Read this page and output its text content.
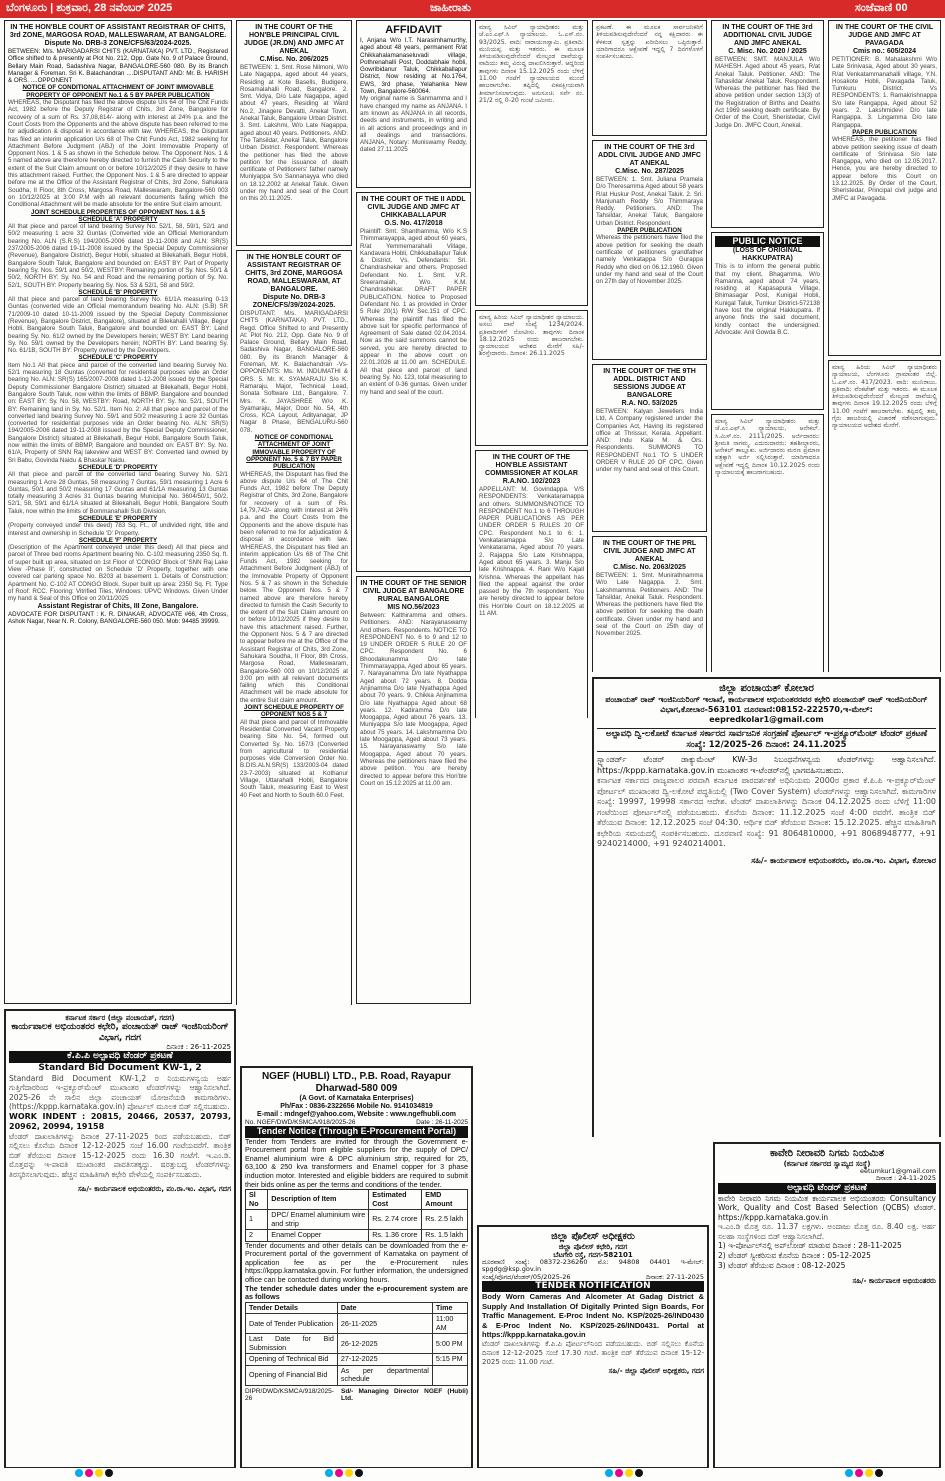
ಬೆಂಗಳೂರು | ಶುಕ್ರವಾರ, 28 ನವೆಂಬರ್ 2025	ಜಾಹೀರಾತು	ಸಂಜೆವಾಣಿ 00
IN THE HON'BLE COURT OF ASSISTANT REGISTRAR OF CHITS, 3rd ZONE, MARGOSA ROAD, MALLESWARAM, AT BANGALORE.
Dispute No. DRB-3 ZONE/CFS/63/2024-2025.
BETWEEN: M/s. MARIGADARSI CHITS (KARNATAKA) PVT. LTD., Registered Office shifted to & presently at Plot No. 212, Opp. Gate No. 9 of Palace Ground, Bellary Main Road, Sadashiva Nagar, BANGALORE-560 080. By its Branch Manager & Foreman. Sri K. Balachandran ....DISPUTANT AND: Mr. B. HARISH & ORS. ....OPPONENT
NOTICE OF CONDITIONAL ATTACHMENT OF JOINT IMMOVABLE PROPERTY OF OPPONENT No.1 & 5 BY PAPER PUBLICATION
WHEREAS, the Disputant has filed the above dispute U/s 64 of The Chit Funds Act, 1982 before the Deputy Registrar of Chits, 3rd Zone, Bangalore for recovery of a sum of Rs. 37,08,814/- along with interest at 24% p.a. and the Court Costs from the Opponents and the above dispute has been referred to me for adjudication & disposal in accordance with law. WHEREAS, the Disputant has filed an interim application U/s 68 of The Chit Funds Act, 1982 seeking for Attachment Before Judgment (ABJ) of the Joint Immovable Property of Opponent Nos. 1 & 5 as shown in the Schedule below. The Opponent Nos. 1 & 5 named above are therefore hereby directed to furnish the Cash Security to the extent of the Suit Claim amount on or before 10/12/2025 if they desire to have this attachment raised. Further, the Opponent Nos. 1 & 5 are directed to appear before me at the Office of the Assistant Registrar of Chits, 3rd Zone, Sahukara Soudha, II Floor, 8th Cross, Margosa Road, Malleswaram, Bangalore-560 003 on 10/12/2025 at 3:00 P.M with all relevant documents failing which the Conditional Attachment will be made absolute for the entire Suit claim amount.
JOINT SCHEDULE PROPERTIES OF OPPONENT Nos. 1 & 5
SCHEDULE 'A' PROPERTY
All that piece and parcel of land bearing Survey No. 52/1, 58, 59/1, 52/1 and 50/2 measuring 1 acre 32 Guntas (Converted vide an Official Memorandum bearing No. ALN (S.R.S) 194/2005-2006 dated 19-11-2008 and ALN: SR(S) 237/2005-2006 dated 19-11-2008 issued by the Special Deputy Commissioner (Revenue), Bangalore District), Begur Hobli, situated at Bilekahalli, Begur Hobli, Bangalore South Taluk, Bangalore and bounded on: EAST BY: Part of Property bearing Sy. Nos. 59/1 and 50/2, WESTBY: Remaining portion of Sy. Nos. 50/1 & 50/2, NORTH BY: Sy. No. 54 and Road and the remaining portion of Sy. No. 52/1, SOUTH BY: Property bearing Sy. Nos. 53 & 52/1, 58 and 59/2.
SCHEDULE 'B' PROPERTY
All that piece and parcel of land bearing Survey No. 61/1A measuring 0-13 Guntas (converted vide an Official memorandum bearing No. ALN: (S.B) SR 71/2009-10 dated 10-11-2009 issued by the Special Deputy Commissioner (Revenue), Bangalore District, Bangalore), situated at Bilekahalli Village, Begur Hobli, Bangalore South Taluk, Bangalore and bounded on: EAST BY: Land bearing Sy. No. 61/2 owned by the Developers herein; WEST BY: Land bearing Sy. No. 59/1 owned by the Developers herein; NORTH BY: Land bearing Sy. No. 61/1B, SOUTH BY: Property owned by the Developers.
SCHEDULE 'C' PROPERTY
Item No.1 All that piece and parcel of the converted land bearing Survey No. 52/1 measuring 18 Guntas (converted for residential purposes vide an Order bearing No. ALN: SR(S) 165/2007-2008 dated 1-12-2008 issued by the Special Deputy Commissioner Bangalore District) situated at Bilekahalli, Begur Hobli, Bangalore South Taluk, now within the limits of BBMP, Bangalore and bounded on: EAST BY: Sy. No. 58, WESTBY: Road, NORTH BY: Sy. No. 52/1, SOUTH BY: Remaining land in Sy. No. 52/1. Item No. 2: All that piece and parcel of the converted land bearing Survey No. 59/1 and 50/2 measuring 1 acre 32 Guntas (converted for residential purposes vide an Order bearing No. ALN: SR(S) 194/2005-2006 dated 19-11-2008 issued by the Special Deputy Commissioner, Bangalore District) situated at Bilekahalli, Begur Hobli, Bangalore South Taluk, now within the limits of BBMP, Bangalore and bounded on: EAST BY: Sy. No. 61/A, Property of SNN Raj lakeview and WEST BY: Converted land owned by Sri Babu, Govinda Naidu & Bhaskar Naidu.
SCHEDULE 'D' PROPERTY
All that piece and parcel of the converted land bearing Survey No. 52/1 measuring 1 Acre 28 Guntas, 58 measuring 7 Guntas, 59/1 measuring 1 Acre 6 Guntas, 50/1 and 50/2 measuring 17 Guntas and 61/1A measuring 13 Guntas totally measuring 3 Acres 31 Guntas bearing Municipal No. 3604/50/1, 50/2, 52/1, 58, 59/1 and 61/1A situated at Bilekahalli, Begur Hobli, Bangalore South Taluk, now within the limits of Bommanahalli Sub Division.
SCHEDULE 'E' PROPERTY
(Property conveyed under this deed) 783 Sq. Ft., of undivided right, title and interest and ownership in Schedule 'D' Property.
SCHEDULE 'F' PROPERTY
(Description of the Apartment conveyed under this deed) All that piece and parcel of Three bed rooms Apartment bearing No. C-102 measuring 2350 Sq. ft. of super built up area, situated on 1st Floor of 'CONGO' Block of 'SNN Raj Lake View -Phase II', constructed on Schedule 'D' Property, together with one covered car parking space No. B203 at basement 1. Details of Construction: Apartment No. C-102 AT CONGO Block. Super built up area: 2350 Sq. Ft. Type of Roof: RCC. Flooring: Vitrified Tiles, Windows: UPVC Windows. Given Under my hand & Seal of this Office on 20/11/2025
Assistant Registrar of Chits, III Zone, Bangalore.
ADVOCATE FOR DISPUTANT : K. R. DINAKAR, ADVOCATE #66, 4th Cross, Ashok Nagar, Near N. R. Colony, BANGALORE-560 050. Mob: 94485 39999.
IN THE COURT OF THE HON'BLE PRINCIPAL CIVIL JUDGE (JR.DN) AND JMFC AT ANEKAL
C.Misc. No. 206/2025
BETWEEN: 1. Smt. Rose Nilmoni, W/o Late Nagappa, aged about 44 years, Residing at Kote Basells, Budigere, Rosamalahalli Road, Bangalore. 2. Smt. Vidya, D/o Late Nagappa, aged about 47 years, Residing at Ward No.2, Jinagere Devatti, Anekal Town, Anekal Taluk, Bangalore Urban District. 3. Smt. Lakshmi, W/o Late Nagappa, aged about 40 years. Petitioners. AND: The Tahsildar, Anekal Taluk, Bangalore Urban District. Respondent. Whereas the petitioner has filed the above petition for the issuance of death certificate of Petitioners' father namely Muniyappa S/o Sannanayya who died on 18.12.2002 at Anekal Taluk. Given under my hand and seal of the Court on this 20.11.2025.
IN THE HON'BLE COURT OF ASSISTANT REGISTRAR OF CHITS, 3rd ZONE, MARGOSA ROAD, MALLESWARAM, AT BANGALORE.
Dispute No. DRB-3 ZONE/CFS/39/2024-2025.
DISPUTANT: M/s. MARIGADARSI CHITS (KARNATAKA) PVT. LTD., Regd. Office Shifted to and Presently At: Plot No. 212, Opp. Gate No. 9 of Palace Ground, Bellary Main Road, Sadashiva Nagar, BANGALORE-560 080. By its Branch Manager & Foreman, Mr. K. Balachandran -Vs- OPPONENTS: Ms. M. INDUMATHI & ORS. 5. Mr. K. SYAMARAJU S/o K. Ramaraju, Major, Technical Lead, Sonata Software Ltd., Bangalore. 7. Mrs. K. JAYASHREE W/o K. Syamaraju, Major, Door No. 54, 4th Cross, KCA Layout, Adityanagar, JP Nagar 8 Phase, BENGALURU-560 078.
NOTICE OF CONDITIONAL ATTACHMENT OF JOINT IMMOVABLE PROPERTY OF OPPONENT No. 5 & 7 BY PAPER PUBLICATION
WHEREAS, the Disputant has filed the above dispute U/s 64 of The Chit Funds Act, 1982 before The Deputy Registrar of Chits, 3rd Zone, Bangalore for recovery of a sum of Rs. 14,79,742/- along with interest at 24% p.a. and the Court Costs from the Opponents and the above dispute has been referred to me for adjudication & disposal in accordance with law. WHEREAS, the Disputant has filed an interim application U/s 68 of The Chit Funds Act, 1982 seeking for Attachment Before Judgment (ABJ) of the Immovable Property of Opponent Nos. 5 & 7 as shown in the Schedule below. The Opponent Nos. 5 & 7 named above are therefore hereby directed to furnish the Cash Security to the extent of the Suit Claim amount on or before 10/12/2025 if they desire to have this attachment raised. Further, the Opponent Nos. 5 & 7 are directed to appear before me at the Office of the Assistant Registrar of Chits, 3rd Zone, Sahukara Soudha, II Floor, 8th Cross, Margosa Road, Malleswaram, Bangalore-560 003 on 10/12/2025 at 3:00 pm with all relevant documents failing which this Conditional Attachment will be made absolute for the entire Suit claim amount.
JOINT SCHEDULE PROPERTY OF OPPONENT NOS 5 & 7
All that piece and parcel of Immovable Residential Converted Vacant Property bearing Site No. 54, formed out Converted Sy. No. 167/3 (Converted from agricultural to residential purposes vide Conversion Order No. B.DIS.ALN.SR(S) 133/2003-04 dated 23-7-2003) situated at Kothanur Village, Uttarahalli Hobli, Bangalore South Taluk, measuring East to West 40 Feet and North to South 60.0 Feet.
AFFIDAVIT
I, Anjana W/o I.T. Narasimhamurthy, aged about 48 years, permanent R/at Chikkahalamanaseluvadi village, Pothrenahalli Post, Doddabhaie hobli, Gowribidanur Taluk, Chikkaballapur District, Now residing at No.1764, EWS, 3rd phase, Yelahanka New Town, Bangalore-560064.
My original name is Sanmamma and I have changed my name as ANJANA. I am known as ANJANA in all records, deeds and instruments, in writing and in all actions and proceedings and in all dealings and transactions. ANJANA, Notary: Muniswamy Reddy, dated 27.11.2025
IN THE COURT OF THE II ADDL CIVIL JUDGE AND JMFC AT CHIKKABALLAPUR
O.S. No. 417/2018
Plaintiff: Smt. Shanthamma, W/o K.S Thimmarayappa, aged about 60 years, R/at Yemmemarahalli Village, Kandavara Hobli, Chikkaballapur Taluk & District. Vs. Defendants: Sri. Chandrashekar and others. Proposed Defendant No. 1. Smt. V.R. Sreeramaiah, W/o. K.M. Chandrashekar. DRAFT PAPER PUBLICATION. Notice to Proposed Defendant No. 1 as provided in Order 5 Rule 20(1) R/W Sec.151 of CPC. Whereas the plaintiff has filed the above suit for specific performance of Agreement of Sale dated 02.04.2014. Now as the said summons cannot be served, you are hereby directed to appear in the above court on 22.01.2026 at 11.00 am. SCHEDULE. All that piece and parcel of land bearing Sy. No. 123, total measuring to an extent of 0-36 guntas. Given under my hand and seal of the court.
IN THE COURT OF THE SENIOR CIVIL JUDGE AT BANGALORE RURAL BANGALORE
MIS NO.56/2023
Between: Kalthiramma and others. Petitioners. AND: Narayanaswamy And others. Respondents. NOTICE TO RESPONDENT No. 6 to 9 and 12 to 19 UNDER ORDER 5 RULE 20 OF CPC. Respondent No. 6 Bhoodakunamma D/o late Thimmarayappa, Aged about 65 years. 7. Narayanamma D/o late Nyathappa Aged about 72 years. 8. Dodda Anjinamma D/o late Nyathappa Aged about 70 years. 9. Chikka Anjinamma D/o late Nyathappa Aged about 68 years. 12. Kadiramma D/o late Moogappa, Aged about 76 years. 13. Muniyappa S/o late Moogappa, Aged about 75 years. 14. Lakshmamma D/o late Moogappa, Aged about 73 years. 15. Narayanaswamy S/o late Moogappa, Aged about 70 years. Whereas the petitioners have filed the above petition. You are hereby directed to appear before this Hon'ble Court on 15.12.2025 at 11.00 am.
ಮಾನ್ಯ ಸಿವಿಲ್ ನ್ಯಾಯಾಧೀಶರು ಮತ್ತು ಜೆ.ಎಂ.ಎಫ್.ಸಿ ನ್ಯಾಯಾಲಯ. ಓ.ಎಸ್.ನಂ. 93/2025. ವಾದಿ: ನಾರಾಯಣಸ್ವಾಮಿ. ಪ್ರತಿವಾದಿ: ಮುನಿಯಪ್ಪ ಮತ್ತು ಇತರರು. ಈ ಮೂಲಕ ತಿಳಿಯಪಡಿಸುವುದೇನೆಂದರೆ ಮೇಲ್ಕಂಡ ದಾವೆಯನ್ನು ವಾದಿಯು ತಮ್ಮ ವಿರುದ್ಧ ದಾಖಲಿಸಿರುತ್ತಾರೆ. ಆದ್ದರಿಂದ ತಾವುಗಳು ದಿನಾಂಕ 15.12.2025 ರಂದು ಬೆಳಿಗ್ಗೆ 11.00 ಗಂಟೆಗೆ ನ್ಯಾಯಾಲಯದ ಮುಂದೆ ಹಾಜರಾಗಬೇಕು. ತಪ್ಪಿದಲ್ಲಿ ಏಕಪಕ್ಷೀಯವಾಗಿ ತೀರ್ಮಾನಿಸಲಾಗುವುದು. ಅನುಸೂಚಿ: ಸರ್ವೆ ನಂ. 21/2 ರಲ್ಲಿ 0-20 ಗುಂಟೆ ಜಮೀನು.
ಮಾನ್ಯ ಹಿರಿಯ ಸಿವಿಲ್ ನ್ಯಾಯಾಧೀಶರ ನ್ಯಾಯಾಲಯ. ಅಸಲು ದಾವೆ ಸಂಖ್ಯೆ 1234/2024. ಪ್ರತಿವಾದಿಗಳಿಗೆ ನೋಟೀಸು. ತಾವುಗಳು ದಿನಾಂಕ 18.12.2025 ರಂದು ಹಾಜರಾಗಬೇಕು. ನ್ಯಾಯಾಲಯದ ಆದೇಶದ ಮೇರೆಗೆ ಸಹಿ/- ಶಿರಸ್ತೇದಾರರು. ದಿನಾಂಕ: 26.11.2025
IN THE COURT OF THE HON'BLE ASSISTANT COMMISSIONER AT KOLAR
R.A.NO. 102/2023
APPELLANT: M. Govindappa. V/S RESPONDENTS: Venkataramappa and others. SUMMONS/NOTICE TO RESPONDENT No.1 to 6 THROUGH PAPER PUBLICATIONS AS PER UNDER ORDER 5 RULES 20 OF CPC. Respondent No.1 to 6: 1. Venkataramappa S/o Late Venkatarama, Aged about 70 years. 2. Rajappa S/o Late Krishnappa, Aged about 65 years. 3. Manju S/o late Krishnappa. 4. Rani W/o Kajall Krishna. Whereas the appellant has filed the appeal against the order passed by the 7th respondent. You are hereby directed to appear before this Hon'ble Court on 18.12.2025 at 11 AM.
ಪ್ರಕಟಣೆ. ಈ ಮೂಲಕ ಸಾರ್ವಜನಿಕರಿಗೆ ತಿಳಿಯಪಡಿಸುವುದೇನೆಂದರೆ ನನ್ನ ಕಕ್ಷಿದಾರರು ಈ ಕೆಳಕಂಡ ಸ್ವತ್ತನ್ನು ಖರೀದಿಸಲು ಒಪ್ಪಿರುತ್ತಾರೆ. ಯಾರಿಗಾದರೂ ಆಕ್ಷೇಪಣೆ ಇದ್ದಲ್ಲಿ 7 ದಿನಗಳೊಳಗೆ ಸಂಪರ್ಕಿಸಬಹುದು.
IN THE COURT OF THE 3rd ADDL CIVIL JUDGE AND JMFC AT ANEKAL
C.Misc. No. 287/2025
BETWEEN: 1. Smt. Juliana Pramela D/o Theresamma Aged about 58 years R/at Huskur Post, Anekal Taluk. 2. Sri. Manjunath Reddy S/o Thimmaraya Reddy. Petitioners. AND: The Tahsildar, Anekal Taluk, Bangalore Urban District. Respondent.
PAPER PUBLICATION
Whereas the petitioners have filed the above petition for seeking the death certificate of petitioners grandfather namely Venkatappa S/o Gurappa Reddy who died on 06.12.1960. Given under my hand and seal of the Court on 27th day of November 2025.
IN THE COURT OF THE 9TH ADDL. DISTRICT AND SESSIONS JUDGE AT BANGALORE
R.A. NO. 53/2025
BETWEEN: Kalyan Jewellers India Ltd, A Company registered under the Companies Act, Having its registered office at Thrissur, Kerala. Appellant. AND: Indu Kala M. & Ors. Respondents. SUMMONS TO RESPONDENT No.1 TO 5 UNDER ORDER V RULE 20 OF CPC. Given under my hand and seal of this Court.
IN THE COURT OF THE PRL CIVIL JUDGE AND JMFC AT ANEKAL
C.Misc. No. 2063/2025
BETWEEN: 1. Smt. Munirathnamma W/o Late Nagappa. 2. Smt. Lakshmamma. Petitioners. AND: The Tahsildar, Anekal Taluk. Respondent. Whereas the petitioners have filed the above petition for seeking the death certificate. Given under my hand and seal of the Court on 25th day of November 2025.
IN THE COURT OF THE 3rd ADDITIONAL CIVIL JUDGE AND JMFC ANEKAL
C. Misc. No. 2020 / 2025
BETWEEN: SMT. MANJULA W/o MAHESH. Aged about 45 years, R/at Anekal Taluk. Petitioner. AND: The Tahasildar Anekal Taluk. Respondent. Whereas the petitioner has filed the above petition under section 13(3) of the Registration of Births and Deaths Act 1969 seeking death certificate. By Order of the Court, Sheristedar, Civil Judge Dn. JMFC Court, Anekal.
PUBLIC NOTICE
(LOSS OF ORIGINAL HAKKUPATRA)
This is to inform the general public that my client, Bhagamma, W/o Ramanna, aged about 74 years, residing at Kapasapura Village, Bhimasagar Post, Kunigal Hobli, Kunigal Taluk, Tumkur District-572138 have lost the original Hakkupatra. If anyone finds the said document, kindly contact the undersigned. Advocate: Anil Gowda B.C.
ಮಾನ್ಯ ಸಿವಿಲ್ ನ್ಯಾಯಾಧೀಶರು ಮತ್ತು ಜೆ.ಎಂ.ಎಫ್.ಸಿ ನ್ಯಾಯಾಲಯ, ಆನೇಕಲ್. ಸಿ.ಮಿಸ್.ನಂ. 2111/2025. ಅರ್ಜಿದಾರರು: ಶ್ರೀಮತಿ ನಾಗಮ್ಮ. ಎದುರುದಾರರು: ತಹಶೀಲ್ದಾರರು, ಆನೇಕಲ್ ತಾಲ್ಲೂಕು. ಅರ್ಜಿದಾರರು ಮರಣ ಪ್ರಮಾಣ ಪತ್ರಕ್ಕಾಗಿ ಅರ್ಜಿ ಸಲ್ಲಿಸಿರುತ್ತಾರೆ. ಯಾರಿಗಾದರೂ ಆಕ್ಷೇಪಣೆ ಇದ್ದಲ್ಲಿ ದಿನಾಂಕ 10.12.2025 ರಂದು ನ್ಯಾಯಾಲಯಕ್ಕೆ ಹಾಜರಾಗಬಹುದು.
IN THE COURT OF THE CIVIL JUDGE AND JMFC AT PAVAGADA
Cmis no.: 605/2024
PETITIONER: B. Mahalakshmi W/o Late Srinivasa, Aged about 30 years, R/at Venkatammanahalli village, Y.N. Hosakote Hobli, Pavagada Taluk, Tumkuru District. Vs RESPONDENTS: 1. Ramakrishnappa S/o late Rangappa, Aged about 52 years. 2. Lakshmidevi D/o late Rangappa. 3. Lingamma D/o late Rangappa.
PAPER PUBLICATION
WHEREAS, the petitioner has filed above petition seeking issue of death certificate of Srinivasa S/o late Rangappa, who died on 12.05.2017. Hence, you are hereby directed to appear before this Court on 13.12.2025. By Order of the Court, Sheristedar, Principal civil judge and JMFC at Pavagada.
ಮಾನ್ಯ ಹಿರಿಯ ಸಿವಿಲ್ ನ್ಯಾಯಾಧೀಶರು ನ್ಯಾಯಾಲಯ, ಬೆಂಗಳೂರು ಗ್ರಾಮಾಂತರ ಜಿಲ್ಲೆ. ಓ.ಎಸ್.ನಂ. 417/2023. ವಾದಿ: ಮುನಿರಾಜು. ಪ್ರತಿವಾದಿ: ವೆಂಕಟೇಶ್ ಮತ್ತು ಇತರರು. ಈ ಮೂಲಕ ತಿಳಿಯಪಡಿಸುವುದೇನೆಂದರೆ ಮೇಲ್ಕಂಡ ದಾವೆಯಲ್ಲಿ ತಾವುಗಳು ದಿನಾಂಕ 19.12.2025 ರಂದು ಬೆಳಿಗ್ಗೆ 11.00 ಗಂಟೆಗೆ ಹಾಜರಾಗಬೇಕು. ತಪ್ಪಿದಲ್ಲಿ ತಮ್ಮ ಗೈರು ಹಾಜರಿಯಲ್ಲಿ ವಿಚಾರಣೆ ನಡೆಸಲಾಗುವುದು. ನ್ಯಾಯಾಲಯದ ಆದೇಶದ ಮೇರೆಗೆ.
ಜಿಲ್ಲಾ ಪಂಚಾಯತ್ ಕೋಲಾರ
ಪಂಚಾಯತ್ ರಾಜ್ ಇಂಜಿನಿಯರಿಂಗ್ ಇಲಾಖೆ, ಕಾರ್ಯಪಾಲಕ ಅಭಿಯಂತರರವರ ಕಛೇರಿ ಪಂಚಾಯತ್ ರಾಜ್ ಇಂಜಿನಿಯರಿಂಗ್
ವಿಭಾಗ,ಕೋಲಾರ-563101 ದೂರವಾಣಿ:08152-222570,ಇ-ಮೇಲ್:
eepredkolar1@gmail.com
ಅಲ್ಪಾವಧಿ ದ್ವಿ-ಲಕೋಟೆ ಕರ್ನಾಟಕ ಸರ್ಕಾರದ ಸಾರ್ವಜನಿಕ ಸಂಗ್ರಹಣೆ ಪೋರ್ಟಲ್ ಇ-ಪ್ರಕ್ಯೂರ್‌ಮೆಂಟ್ ಟೆಂಡರ್ ಪ್ರಕಟಣೆ ಸಂಖ್ಯೆ: 12/2025-26 ದಿನಾಂಕ: 24.11.2025
ಸ್ಟ್ಯಾಂಡರ್ಡ್ ಟೆಂಡರ್ ಡಾಕ್ಯುಮೆಂಟ್ KW-3ರ ನಿಬಂಧನೆಗಳನ್ವಯ ಟೆಂಡರ್‌ಗಳನ್ನು ಆಹ್ವಾನಿಸಲಾಗಿದೆ. https://kppp.karnataka.gov.in ಮುಖಾಂತರ ಇ-ಟೆಂಡರ್‌ನಲ್ಲಿ ಭಾಗವಹಿಸಬಹುದು.
ಕರ್ನಾಟಕ ಸರ್ಕಾರದ ರಾಜ್ಯಪಾಲರ ಪರವಾಗಿ ಕರ್ನಾಟಕ ಪಾರದರ್ಶಕತೆ ಅಧಿನಿಯಮ 2000ರ ಪ್ರಕಾರ ಕೆ.ಪಿ.ಪಿ ಇ-ಪ್ರಕ್ಯೂರ್‌ಮೆಂಟ್ ಪೋರ್ಟಲ್ ಮುಖಾಂತರ ದ್ವಿ-ಲಕೋಟೆ ಪದ್ಧತಿಯಲ್ಲಿ (Two Cover System) ಟೆಂಡರ್‌ಗಳನ್ನು ಆಹ್ವಾನಿಸಲಾಗಿದೆ. ಕಾಮಗಾರಿಗಳ ಸಂಖ್ಯೆ: 19997, 19998 ಸರ್ಕಾರದ ಆದೇಶ. ಟೆಂಡರ್ ದಾಖಲಾತಿಗಳನ್ನು ದಿನಾಂಕ 04.12.2025 ರಂದು ಬೆಳಿಗ್ಗೆ 11:00 ಗಂಟೆಯಿಂದ ಪೋರ್ಟಲ್‌ನಲ್ಲಿ ಪಡೆಯಬಹುದು. ಕೊನೆಯ ದಿನಾಂಕ: 11.12.2025 ಸಂಜೆ 4:00 ರವರೆಗೆ. ತಾಂತ್ರಿಕ ಬಿಡ್ ತೆರೆಯುವ ದಿನಾಂಕ: 12.12.2025 ಸಂಜೆ 04:30. ಆರ್ಥಿಕ ಬಿಡ್ ತೆರೆಯುವ ದಿನಾಂಕ: 15.12.2025. ಹೆಚ್ಚಿನ ಮಾಹಿತಿಗಾಗಿ ಕಛೇರಿಯ ಸಮಯದಲ್ಲಿ ಸಂಪರ್ಕಿಸಬಹುದು. ದೂರವಾಣಿ ಸಂಖ್ಯೆ: 91 8064810000, +91 8068948777, +91 9240214000, +91 9240214001.
ಸಹಿ/- ಕಾರ್ಯಪಾಲಕ ಅಭಿಯಂತರರು, ಪಂ.ರಾ.ಇಂ. ವಿಭಾಗ, ಕೋಲಾರ
ಕರ್ನಾಟಕ ಸರ್ಕಾರ (ಜಿಲ್ಲಾ ಪಂಚಾಯತ್, ಗದಗ)
ಕಾರ್ಯಪಾಲಕ ಅಭಿಯಂತರರ ಕಛೇರಿ, ಪಂಚಾಯತ್ ರಾಜ್ ಇಂಜಿನಿಯರಿಂಗ್ ವಿಭಾಗ, ಗದಗ
ದಿನಾಂಕ : 26-11-2025
ಕೆ.ಪಿ.ಪಿ ಅಲ್ಪಾವಧಿ ಟೆಂಡರ್ ಪ್ರಕಟಣೆ
Standard Bid Document KW-1, 2
Standard Bid Document KW-1,2 ರ ನಿಯಮಗಳನ್ವಯ ಅರ್ಹ ಗುತ್ತಿಗೆದಾರರಿಂದ ಇ-ಪ್ರಕ್ಯೂರ್‌ಮೆಂಟ್ ಮುಖಾಂತರ ಟೆಂಡರ್‌ಗಳನ್ನು ಆಹ್ವಾನಿಸಲಾಗಿದೆ. 2025-26 ನೇ ಸಾಲಿನ ಜಿಲ್ಲಾ ಪಂಚಾಯತ್ ಯೋಜನೆಯಡಿ ಕಾಮಗಾರಿಗಳು. (https://kppp.karnataka.gov.in) ಪೋರ್ಟಲ್ ಮೂಲಕ ಬಿಡ್ ಸಲ್ಲಿಸಬಹುದು.
WORK INDENT : 20815, 20466, 20537, 20793, 20962, 20994, 19158
ಟೆಂಡರ್ ದಾಖಲಾತಿಗಳನ್ನು ದಿನಾಂಕ 27-11-2025 ರಿಂದ ಪಡೆಯಬಹುದು. ಬಿಡ್ ಸಲ್ಲಿಸಲು ಕೊನೆಯ ದಿನಾಂಕ 12-12-2025 ಸಂಜೆ 16.00 ಗಂಟೆಯವರೆಗೆ. ತಾಂತ್ರಿಕ ಬಿಡ್ ತೆರೆಯುವ ದಿನಾಂಕ 15-12-2025 ರಂದು 16.30 ಗಂಟೆಗೆ. ಇ.ಎಂ.ಡಿ. ಮೊತ್ತವನ್ನು ಇ-ಪಾವತಿ ಮುಖಾಂತರ ಪಾವತಿಸತಕ್ಕದ್ದು. ಷರತ್ತುಬದ್ಧ ಟೆಂಡರ್‌ಗಳನ್ನು ತಿರಸ್ಕರಿಸಲಾಗುವುದು. ಹೆಚ್ಚಿನ ಮಾಹಿತಿಗಾಗಿ ಕಛೇರಿ ವೇಳೆಯಲ್ಲಿ ಸಂಪರ್ಕಿಸಬಹುದು.
ಸಹಿ/- ಕಾರ್ಯಪಾಲಕ ಅಭಿಯಂತರರು, ಪಂ.ರಾ.ಇಂ. ವಿಭಾಗ, ಗದಗ
NGEF (HUBLI) LTD., P.B. Road, Rayapur Dharwad-580 009
(A Govt. of Karnataka Enterprises)
Ph/Fax : 0836-2322656 Mobile No. 9141034819
E-mail : mdngef@yahoo.com, Website : www.ngefhubli.com
No. NGEF/DWD/KSMCA/918/2025-26	Date : 26-11-2025
Tender Notice (Through E-Procurement Portal)
Tender from Tenders are invited for through the Government e-Procurement portal from eligible suppliers for the supply of DPC/ Enamel aluminium wire & DPC aluminium strip, required for 25, 63,100 & 250 kva transformers and Enamel copper for 3 phase induction motor. Interested and eligible bidders are required to submit their bids online as per the terms and conditions of the tender.
Sl No	Description of Item	Estimated Cost	EMD Amount
1	DPC/ Enamel aluminium wire and strip	Rs. 2.74 crore	Rs. 2.5 lakh
2	Enamel Copper	Rs. 1.36 crore	Rs. 1.5 lakh
Tender documents and other details can be downloaded from the e-Procurement portal of the government of Karnataka on payment of application fee as per the e-Procurement rules https://kppp.karnataka.gov.in. For further information, the undersigned office can be contacted during working hours.
The tender schedule dates under the e-procurement system are as follows
Tender Details	Date	Time
Date of Tender Publication	26-11-2025	11:00 AM
Last Date for Bid Submission	26-12-2025	5:00 PM
Opening of Technical Bid	27-12-2025	5:15 PM
Opening of Financial Bid	As per departmental schedule	
DIPR/DWD/KSMCA/918/2025-26
Sd/- Managing Director NGEF (Hubli) Ltd.
ಜಿಲ್ಲಾ ಪೊಲೀಸ್ ಅಧೀಕ್ಷಕರು
ಜಿಲ್ಲಾ ಪೊಲೀಸ್ ಕಛೇರಿ, ಗದಗ
ಬೆಟಗೇರಿ ರಸ್ತೆ, ಗದಗ-582101
ದೂರವಾಣಿ ಸಂಖ್ಯೆ: 08372-236260 ಮೊ: 94808 04401 ಇ-ಮೇಲ್: spgdg@ksp.gov.in
ಸಂಖ್ಯೆ/ಪೊಗದ/ಟೆಂಡರ್/05/2025-26	ದಿನಾಂಕ: 27-11-2025
TENDER NOTIFICATION
Body Worn Cameras And Alcometer At Gadag District & Supply And Installation Of Digitally Printed Sign Boards, For Traffic Management. E-Proc Indent No. KSP/2025-26/IND0430 & E-Proc Indent No. KSP/2025-26/IND0431. Portal at https://kppp.karnataka.gov.in
ಟೆಂಡರ್ ದಾಖಲಾತಿಗಳನ್ನು ಕೆ.ಪಿ.ಪಿ ಪೋರ್ಟಲ್‌ನಿಂದ ಪಡೆಯಬಹುದು. ಬಿಡ್ ಸಲ್ಲಿಸಲು ಕೊನೆಯ ದಿನಾಂಕ 12-12-2025 ಸಂಜೆ 17.30 ಗಂಟೆ. ತಾಂತ್ರಿಕ ಬಿಡ್ ತೆರೆಯುವ ದಿನಾಂಕ 15-12-2025 ರಂದು 11.00 ಗಂಟೆ.
ಸಹಿ/- ಜಿಲ್ಲಾ ಪೊಲೀಸ್ ಅಧೀಕ್ಷಕರು, ಗದಗ
ಕಾವೇರಿ ನೀರಾವರಿ ನಿಗಮ ನಿಯಮಿತ
(ಕರ್ನಾಟಕ ಸರ್ಕಾರದ ಸ್ವಾಮ್ಯದ ಸಂಸ್ಥೆ)
eetumkur1@gmail.com
ದಿನಾಂಕ : 24-11-2025
ಅಲ್ಪಾವಧಿ ಟೆಂಡರ್ ಪ್ರಕಟಣೆ
ಕಾವೇರಿ ನೀರಾವರಿ ನಿಗಮ ನಿಯಮಿತ ಕಾರ್ಯಪಾಲಕ ಅಭಿಯಂತರರು Consultancy Work, Quality and Cost Based Selection (QCBS) ಟೆಂಡರ್. https://kppp.karnataka.gov.in
ಇ.ಎಂ.ಡಿ ಮೊತ್ತ ರೂ. 11.37 ಲಕ್ಷಗಳು. ಅಂದಾಜು ಮೊತ್ತ ರೂ. 8.40 ಲಕ್ಷ. ಅರ್ಹ ಸಲಹಾ ಸಂಸ್ಥೆಗಳಿಂದ ಬಿಡ್ ಆಹ್ವಾನಿಸಲಾಗಿದೆ.
1) ಇ-ಪೋರ್ಟಲ್‌ನಲ್ಲಿ ಅಪ್‌ಲೋಡ್ ಮಾಡುವ ದಿನಾಂಕ : 28-11-2025
2) ಟೆಂಡರ್ ಸ್ವೀಕರಿಸುವ ಕೊನೆಯ ದಿನಾಂಕ : 05-12-2025
3) ಟೆಂಡರ್ ತೆರೆಯುವ ದಿನಾಂಕ : 08-12-2025
ಸಹಿ/- ಕಾರ್ಯಪಾಲಕ ಅಭಿಯಂತರರು
